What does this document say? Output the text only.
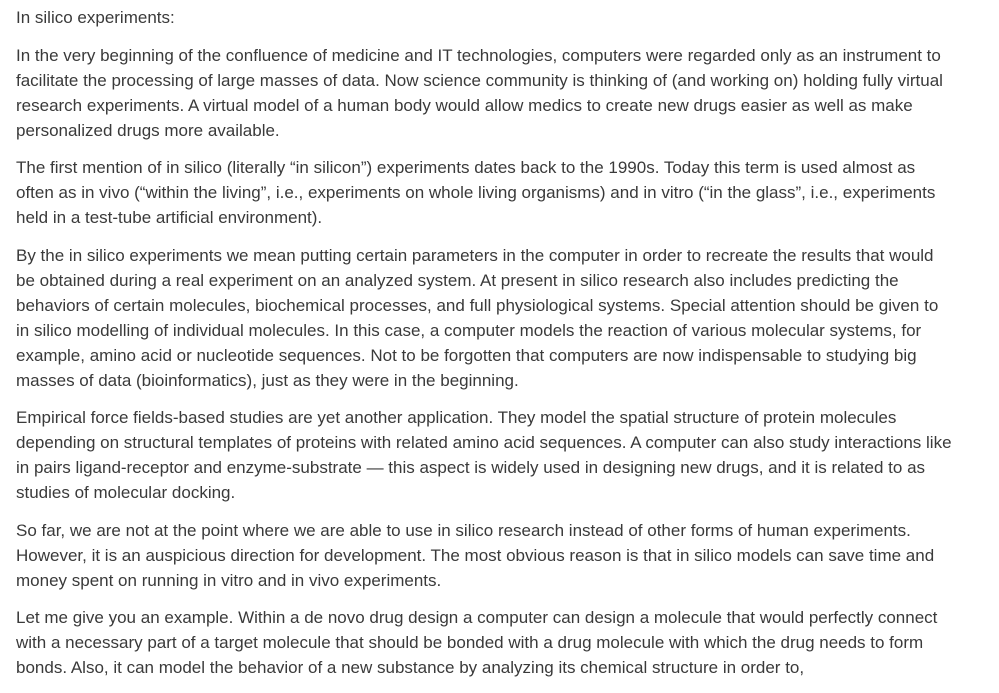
In silico experiments:

In the very beginning of the confluence of medicine and IT technologies, computers were regarded only as an instrument to facilitate the processing of large masses of data. Now science community is thinking of (and working on) holding fully virtual research experiments. A virtual model of a human body would allow medics to create new drugs easier as well as make personalized drugs more available.

The first mention of in silico (literally “in silicon”) experiments dates back to the 1990s. Today this term is used almost as often as in vivo (“within the living”, i.e., experiments on whole living organisms) and in vitro (“in the glass”, i.e., experiments held in a test-tube artificial environment).

By the in silico experiments we mean putting certain parameters in the computer in order to recreate the results that would be obtained during a real experiment on an analyzed system. At present in silico research also includes predicting the behaviors of certain molecules, biochemical processes, and full physiological systems. Special attention should be given to in silico modelling of individual molecules. In this case, a computer models the reaction of various molecular systems, for example, amino acid or nucleotide sequences. Not to be forgotten that computers are now indispensable to studying big masses of data (bioinformatics), just as they were in the beginning.

Empirical force fields-based studies are yet another application. They model the spatial structure of protein molecules depending on structural templates of proteins with related amino acid sequences. A computer can also study interactions like in pairs ligand-receptor and enzyme-substrate — this aspect is widely used in designing new drugs, and it is related to as studies of molecular docking.

So far, we are not at the point where we are able to use in silico research instead of other forms of human experiments. However, it is an auspicious direction for development. The most obvious reason is that in silico models can save time and money spent on running in vitro and in vivo experiments.

Let me give you an example. Within a de novo drug design a computer can design a molecule that would perfectly connect with a necessary part of a target molecule that should be bonded with a drug molecule with which the drug needs to form bonds. Also, it can model the behavior of a new substance by analyzing its chemical structure in order to,
